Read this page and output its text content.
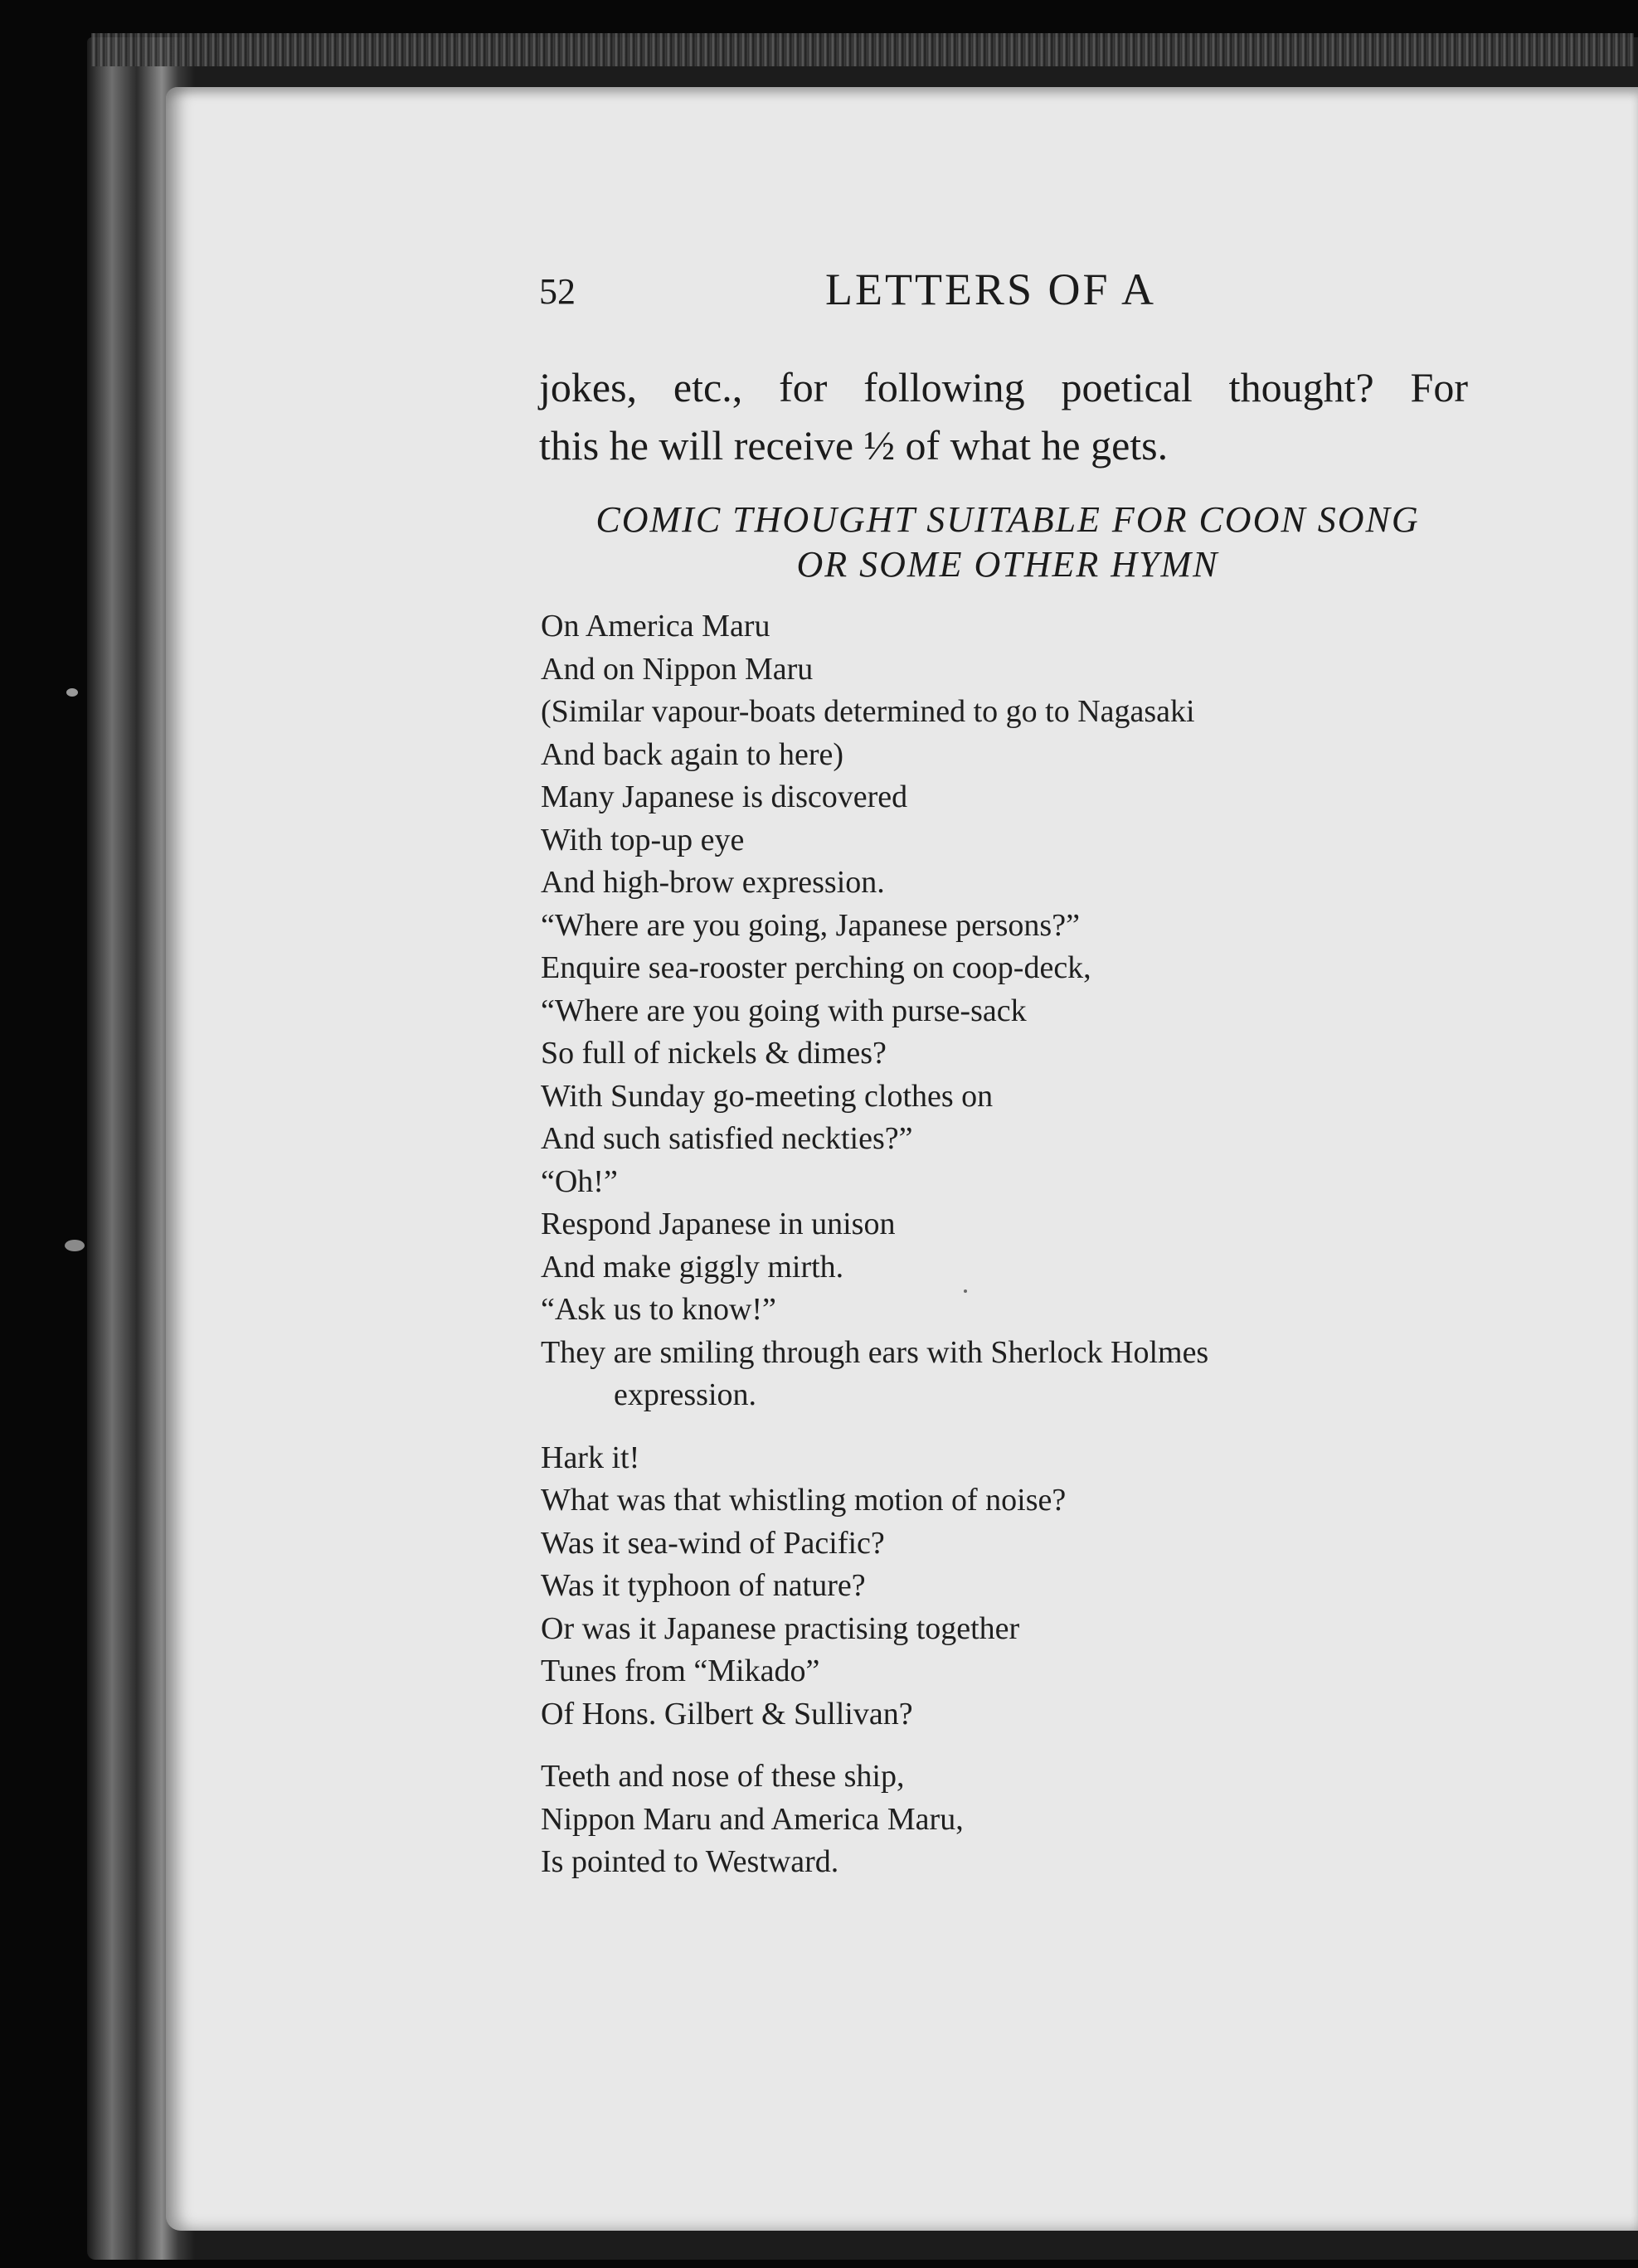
52	LETTERS OF A
jokes, etc., for following poetical thought? For
this he will receive ½ of what he gets.
COMIC THOUGHT SUITABLE FOR COON SONG
OR SOME OTHER HYMN
On America Maru
And on Nippon Maru
(Similar vapour-boats determined to go to Nagasaki
And back again to here)
Many Japanese is discovered
With top-up eye
And high-brow expression.
“Where are you going, Japanese persons?”
Enquire sea-rooster perching on coop-deck,
“Where are you going with purse-sack
So full of nickels & dimes?
With Sunday go-meeting clothes on
And such satisfied neckties?”
“Oh!”
Respond Japanese in unison
And make giggly mirth.
“Ask us to know!”
They are smiling through ears with Sherlock Holmes
expression.
Hark it!
What was that whistling motion of noise?
Was it sea-wind of Pacific?
Was it typhoon of nature?
Or was it Japanese practising together
Tunes from “Mikado”
Of Hons. Gilbert & Sullivan?
Teeth and nose of these ship,
Nippon Maru and America Maru,
Is pointed to Westward.
